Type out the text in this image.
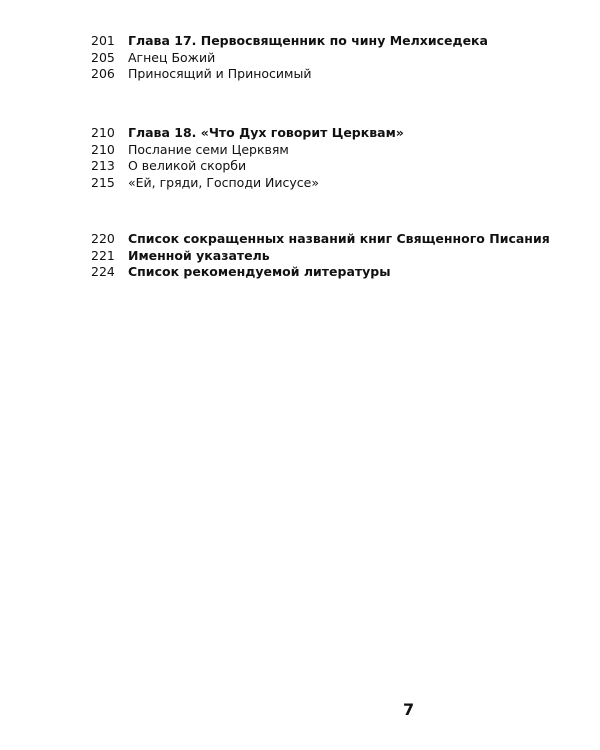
201	Глава 17. Первосвященник по чину Мелхиседека
205	Агнец Божий
206	Приносящий и Приносимый
210	Глава 18. «Что Дух говорит Церквам»
210	Послание семи Церквям
213	О великой скорби
215	«Ей, гряди, Господи Иисусе»
220	Список сокращенных названий книг Священного Писания
221	Именной указатель
224	Список рекомендуемой литературы
7
